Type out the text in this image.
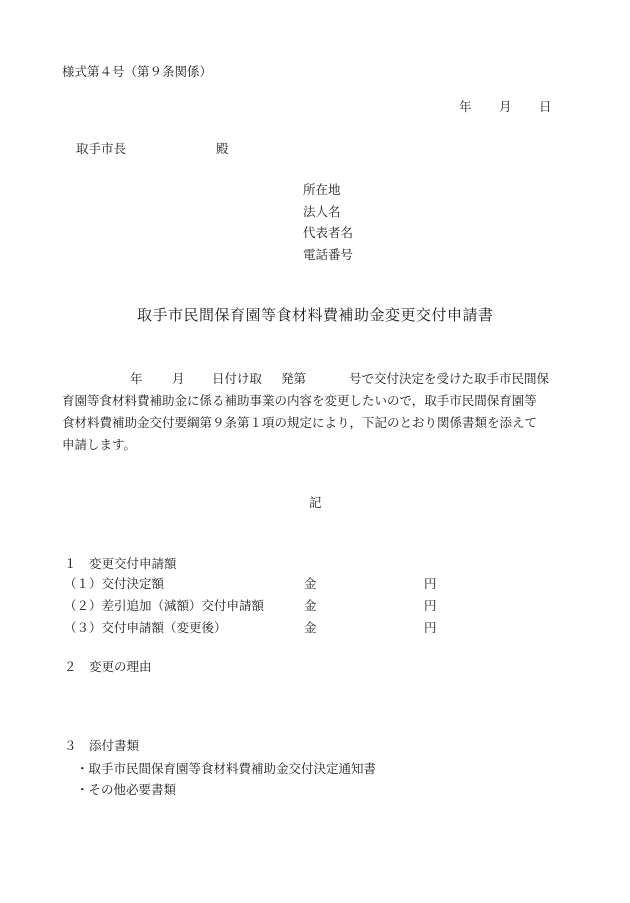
様式第４号（第９条関係）
年 月 日
取手市長	殿
所在地
法人名
代表者名
電話番号
取手市民間保育園等食材料費補助金変更交付申請書
年 月 日付け取 発第	号で交付決定を受けた取手市民間保
育園等食材料費補助金に係る補助事業の内容を変更したいので，取手市民間保育園等
食材料費補助金交付要綱第９条第１項の規定により，下記のとおり関係書類を添えて
申請します。
記
１　変更交付申請額
（１）交付決定額	金	円
（２）差引追加（減額）交付申請額	金	円
（３）交付申請額（変更後）	金	円
２　変更の理由
３　添付書類
・取手市民間保育園等食材料費補助金交付決定通知書
・その他必要書類
